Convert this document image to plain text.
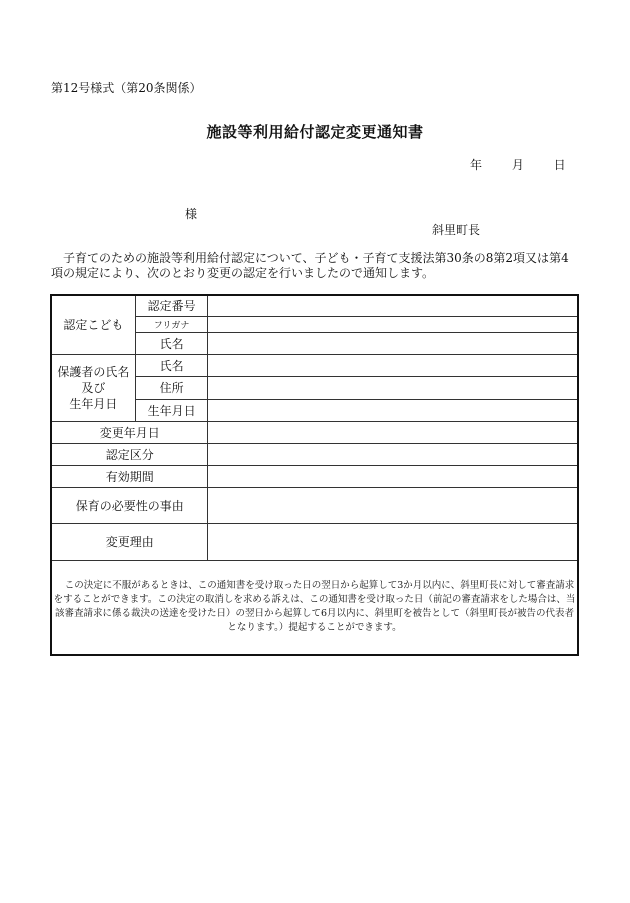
第12号様式（第20条関係）
施設等利用給付認定変更通知書
年 月 日
様
斜里町長
子育てのための施設等利用給付認定について、子ども・子育て支援法第30条の8第2項又は第4項の規定により、次のとおり変更の認定を行いましたので通知します。
認定こども	認定番号	
	フリガナ	
	氏名	

保護者の氏名
及び
生年月日	氏名	
	住所	
	生年月日	
変更年月日		
認定区分		
有効期間		
保育の必要性の事由		
変更理由		

この決定に不服があるときは、この通知書を受け取った日の翌日から起算して3か月以内に、斜里町長に対して審査請求をすることができます。この決定の取消しを求める訴えは、この通知書を受け取った日（前記の審査請求をした場合は、当該審査請求に係る裁決の送達を受けた日）の翌日から起算して6月以内に、斜里町を被告として（斜里町長が被告の代表者となります。）提起することができます。		
